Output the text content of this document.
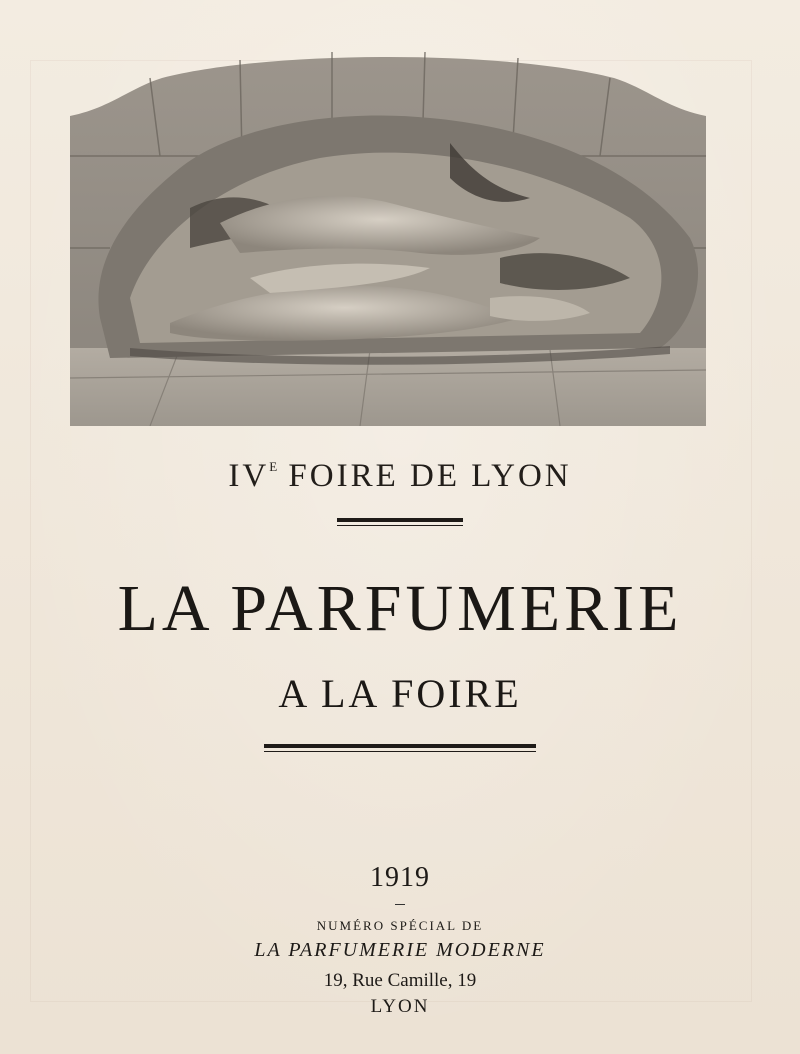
$IV^E$ FOIRE DE LYON
LA PARFUMERIE
A LA FOIRE
1919
NUMÉRO SPÉCIAL DE
LA PARFUMERIE MODERNE
19, Rue Camille, 19
LYON
